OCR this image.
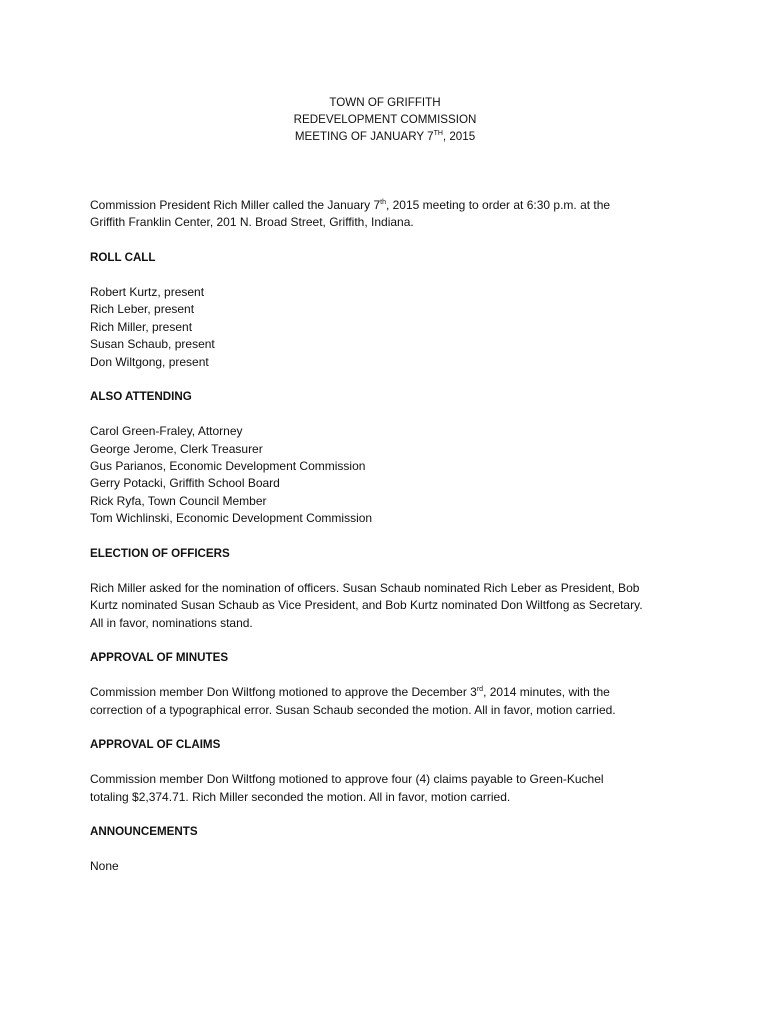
TOWN OF GRIFFITH
REDEVELOPMENT COMMISSION
MEETING OF JANUARY 7TH, 2015

Commission President Rich Miller called the January 7th, 2015 meeting to order at 6:30 p.m. at the

Griffith Franklin Center, 201 N. Broad Street, Griffith, Indiana.

ROLL CALL

Robert Kurtz, present

Rich Leber, present

Rich Miller, present

Susan Schaub, present

Don Wiltgong, present

ALSO ATTENDING

Carol Green-Fraley, Attorney

George Jerome, Clerk Treasurer

Gus Parianos, Economic Development Commission

Gerry Potacki, Griffith School Board

Rick Ryfa, Town Council Member

Tom Wichlinski, Economic Development Commission

ELECTION OF OFFICERS

Rich Miller asked for the nomination of officers. Susan Schaub nominated Rich Leber as President, Bob

Kurtz nominated Susan Schaub as Vice President, and Bob Kurtz nominated Don Wiltfong as Secretary.

All in favor, nominations stand.

APPROVAL OF MINUTES

Commission member Don Wiltfong motioned to approve the December 3rd, 2014 minutes, with the

correction of a typographical error. Susan Schaub seconded the motion. All in favor, motion carried.

APPROVAL OF CLAIMS

Commission member Don Wiltfong motioned to approve four (4) claims payable to Green-Kuchel

totaling $2,374.71. Rich Miller seconded the motion. All in favor, motion carried.

ANNOUNCEMENTS

None
